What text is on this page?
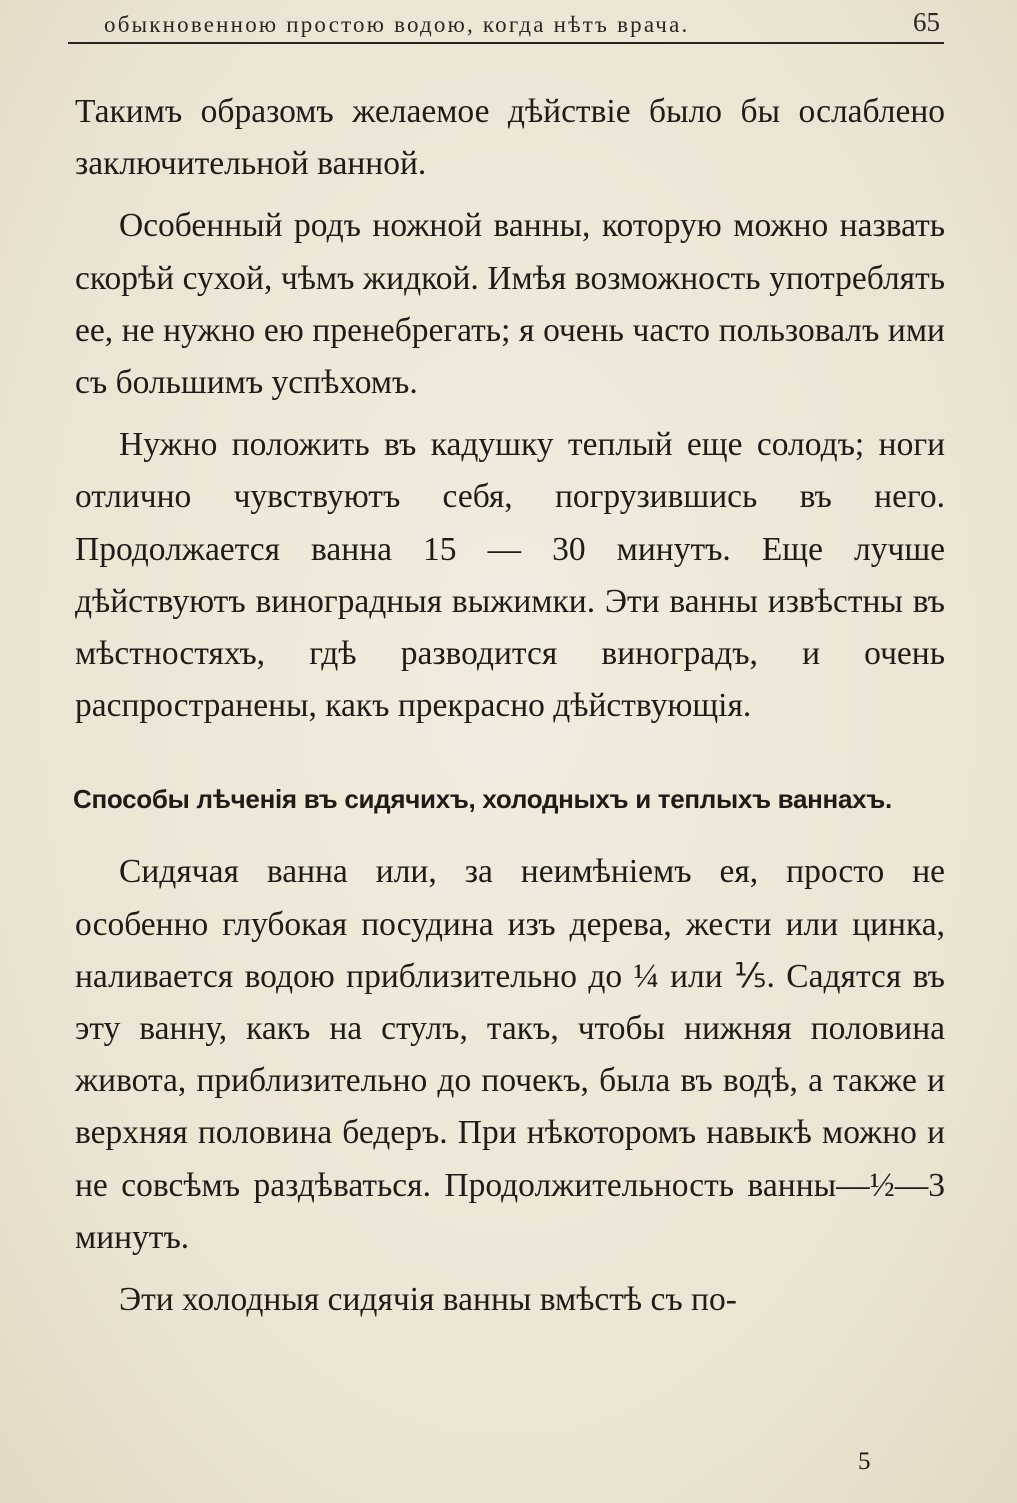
обыкновенною простою водою, когда нѣтъ врача.	65

Такимъ образомъ желаемое дѣйствіе было бы ослаблено заключительной ванной.

Особенный родъ ножной ванны, которую можно назвать скорѣй сухой, чѣмъ жидкой. Имѣя возможность употреблять ее, не нужно ею пренебрегать; я очень часто пользовалъ ими съ большимъ успѣхомъ.

Нужно положить въ кадушку теплый еще солодъ; ноги отлично чувствуютъ себя, погрузившись въ него. Продолжается ванна 15 — 30 минутъ. Еще лучше дѣйствуютъ виноградныя выжимки. Эти ванны извѣстны въ мѣстностяхъ, гдѣ разводится виноградъ, и очень распространены, какъ прекрасно дѣйствующія.

Способы лѣченія въ сидячихъ, холодныхъ и теплыхъ ваннахъ.

Сидячая ванна или, за неимѣніемъ ея, просто не особенно глубокая посудина изъ дерева, жести или цинка, наливается водою приблизительно до ¼ или ⅕. Садятся въ эту ванну, какъ на стулъ, такъ, чтобы нижняя половина живота, приблизительно до почекъ, была въ водѣ, а также и верхняя половина бедеръ. При нѣкоторомъ навыкѣ можно и не совсѣмъ раздѣваться. Продолжительность ванны—½—3 минутъ.

Эти холодныя сидячія ванны вмѣстѣ съ по-

5
